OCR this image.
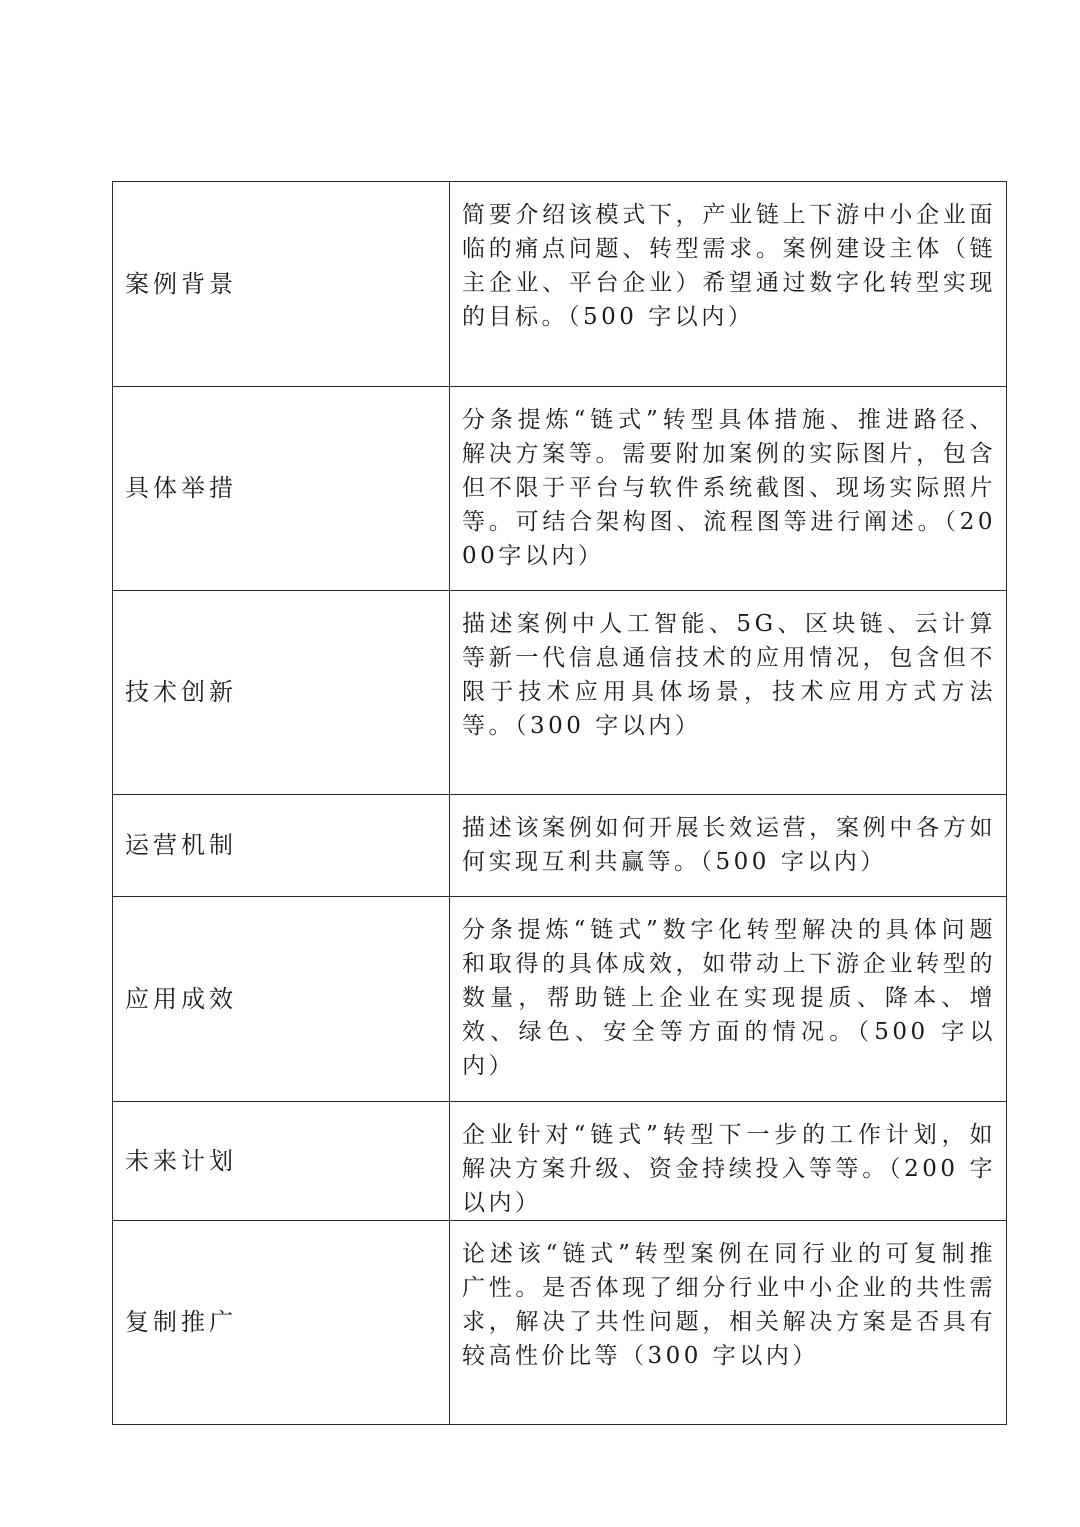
案例背景	简要介绍该模式下，产业链上下游中小企业面临的痛点问题、转型需求。案例建设主体（链主企业、平台企业）希望通过数字化转型实现的目标。（500 字以内）

具体举措	分条提炼“链式”转型具体措施、推进路径、解决方案等。需要附加案例的实际图片，包含但不限于平台与软件系统截图、现场实际照片等。可结合架构图、流程图等进行阐述。（2000字以内）

技术创新	描述案例中人工智能、5G、区块链、云计算等新一代信息通信技术的应用情况，包含但不限于技术应用具体场景，技术应用方式方法等。（300 字以内）

运营机制	描述该案例如何开展长效运营，案例中各方如何实现互利共赢等。（500 字以内）

应用成效	分条提炼“链式”数字化转型解决的具体问题和取得的具体成效，如带动上下游企业转型的数量，帮助链上企业在实现提质、降本、增效、绿色、安全等方面的情况。（500 字以内）

未来计划	企业针对“链式”转型下一步的工作计划，如解决方案升级、资金持续投入等等。（200 字以内）

复制推广	论述该“链式”转型案例在同行业的可复制推广性。是否体现了细分行业中小企业的共性需求，解决了共性问题，相关解决方案是否具有较高性价比等（300 字以内）
